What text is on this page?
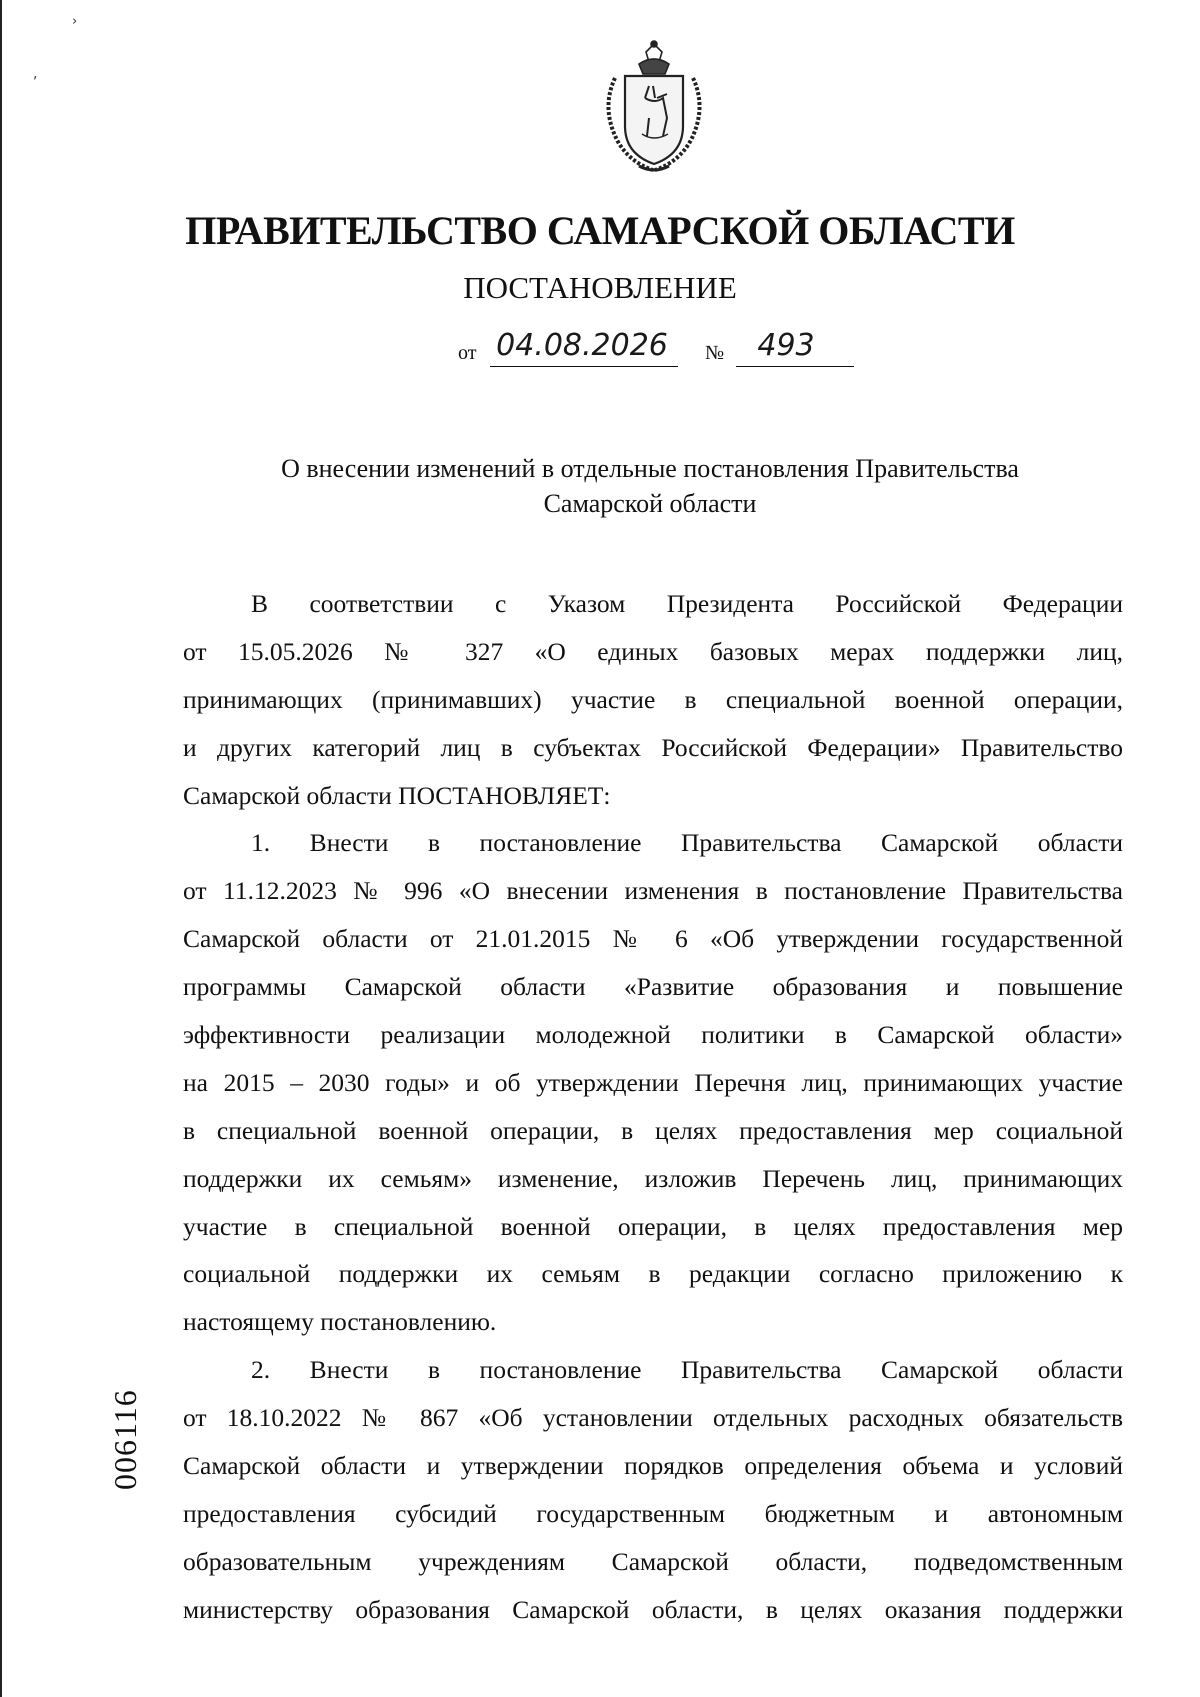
›
,
ПРАВИТЕЛЬСТВО САМАРСКОЙ ОБЛАСТИ
ПОСТАНОВЛЕНИЕ
от 04.08.2026 №	493
О внесении изменений в отдельные постановления Правительства
Самарской области
В соответствии с Указом Президента Российской Федерации
от 15.05.2026 № 327 «О единых базовых мерах поддержки лиц,
принимающих (принимавших) участие в специальной военной операции,
и других категорий лиц в субъектах Российской Федерации» Правительство
Самарской области ПОСТАНОВЛЯЕТ:
1. Внести в постановление Правительства Самарской области
от 11.12.2023 № 996 «О внесении изменения в постановление Правительства
Самарской области от 21.01.2015 № 6 «Об утверждении государственной
программы Самарской области «Развитие образования и повышение
эффективности реализации молодежной политики в Самарской области»
на 2015 – 2030 годы» и об утверждении Перечня лиц, принимающих участие
в специальной военной операции, в целях предоставления мер социальной
поддержки их семьям» изменение, изложив Перечень лиц, принимающих
участие в специальной военной операции, в целях предоставления мер
социальной поддержки их семьям в редакции согласно приложению к
настоящему постановлению.
2. Внести в постановление Правительства Самарской области
от 18.10.2022 № 867 «Об установлении отдельных расходных обязательств
Самарской области и утверждении порядков определения объема и условий
предоставления субсидий государственным бюджетным и автономным
образовательным учреждениям Самарской области, подведомственным
министерству образования Самарской области, в целях оказания поддержки
006116
